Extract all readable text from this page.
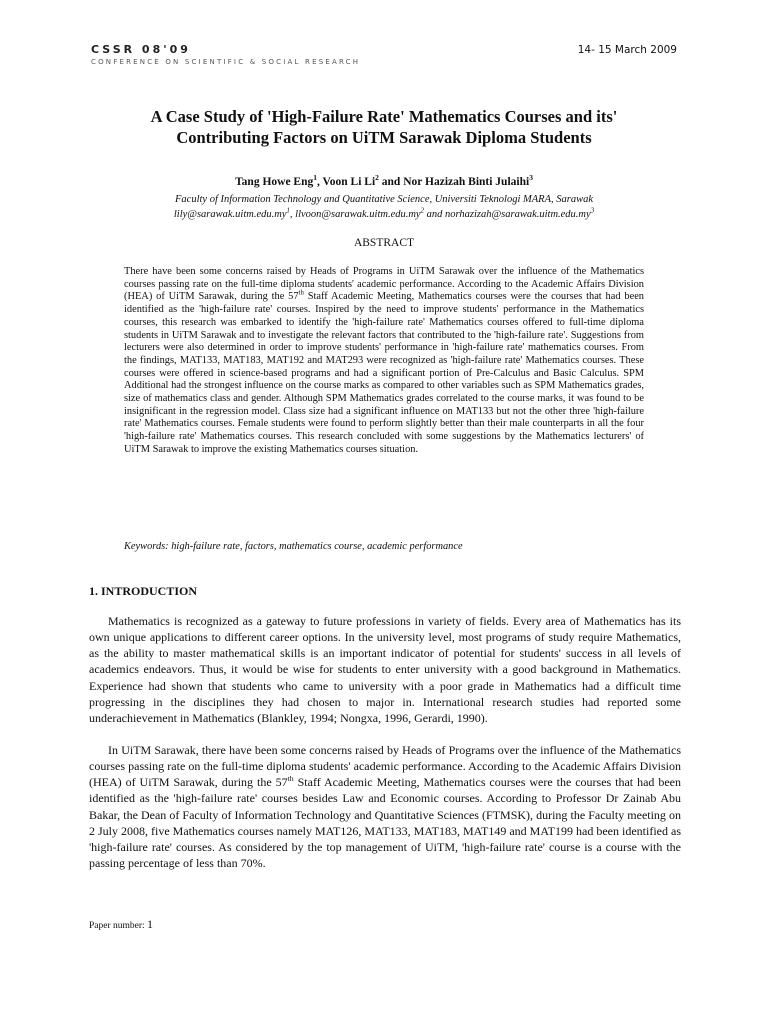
CSSR 08'09
CONFERENCE ON SCIENTIFIC & SOCIAL RESEARCH
14- 15 March 2009
A Case Study of 'High-Failure Rate' Mathematics Courses and its'
Contributing Factors on UiTM Sarawak Diploma Students
Tang Howe Eng$^1$, Voon Li Li$^2$ and Nor Hazizah Binti Julaihi$^3$
Faculty of Information Technology and Quantitative Science, Universiti Teknologi MARA, Sarawak
$lily@sarawak.uitm.edu.my^1$, $llvoon@sarawak.uitm.edu.my^2$ and $norhazizah@sarawak.uitm.edu.my^3$
ABSTRACT

There have been some concerns raised by Heads of Programs in UiTM Sarawak over the influence of the Mathematics courses passing rate on the full-time diploma students' academic performance. According to the Academic Affairs Division (HEA) of UiTM Sarawak, during the 57th Staff Academic Meeting, Mathematics courses were the courses that had been identified as the 'high-failure rate' courses. Inspired by the need to improve students' performance in the Mathematics courses, this research was embarked to identify the 'high-failure rate' Mathematics courses offered to full-time diploma students in UiTM Sarawak and to investigate the relevant factors that contributed to the 'high-failure rate'. Suggestions from lecturers were also determined in order to improve students' performance in 'high-failure rate' mathematics courses. From the findings, MAT133, MAT183, MAT192 and MAT293 were recognized as 'high-failure rate' Mathematics courses. These courses were offered in science-based programs and had a significant portion of Pre-Calculus and Basic Calculus. SPM Additional had the strongest influence on the course marks as compared to other variables such as SPM Mathematics grades, size of mathematics class and gender. Although SPM Mathematics grades correlated to the course marks, it was found to be insignificant in the regression model. Class size had a significant influence on MAT133 but not the other three 'high-failure rate' Mathematics courses. Female students were found to perform slightly better than their male counterparts in all the four 'high-failure rate' Mathematics courses. This research concluded with some suggestions by the Mathematics lecturers' of UiTM Sarawak to improve the existing Mathematics courses situation.

Keywords: high-failure rate, factors, mathematics course, academic performance
1. INTRODUCTION

Mathematics is recognized as a gateway to future professions in variety of fields. Every area of Mathematics has its own unique applications to different career options. In the university level, most programs of study require Mathematics, as the ability to master mathematical skills is an important indicator of potential for students' success in all levels of academics endeavors. Thus, it would be wise for students to enter university with a good background in Mathematics. Experience had shown that students who came to university with a poor grade in Mathematics had a difficult time progressing in the disciplines they had chosen to major in. International research studies had reported some underachievement in Mathematics (Blankley, 1994; Nongxa, 1996, Gerardi, 1990).

In UiTM Sarawak, there have been some concerns raised by Heads of Programs over the influence of the Mathematics courses passing rate on the full-time diploma students' academic performance. According to the Academic Affairs Division (HEA) of UiTM Sarawak, during the 57th Staff Academic Meeting, Mathematics courses were the courses that had been identified as the 'high-failure rate' courses besides Law and Economic courses. According to Professor Dr Zainab Abu Bakar, the Dean of Faculty of Information Technology and Quantitative Sciences (FTMSK), during the Faculty meeting on 2 July 2008, five Mathematics courses namely MAT126, MAT133, MAT183, MAT149 and MAT199 had been identified as 'high-failure rate' courses. As considered by the top management of UiTM, 'high-failure rate' course is a course with the passing percentage of less than 70%.

Paper number: 1
